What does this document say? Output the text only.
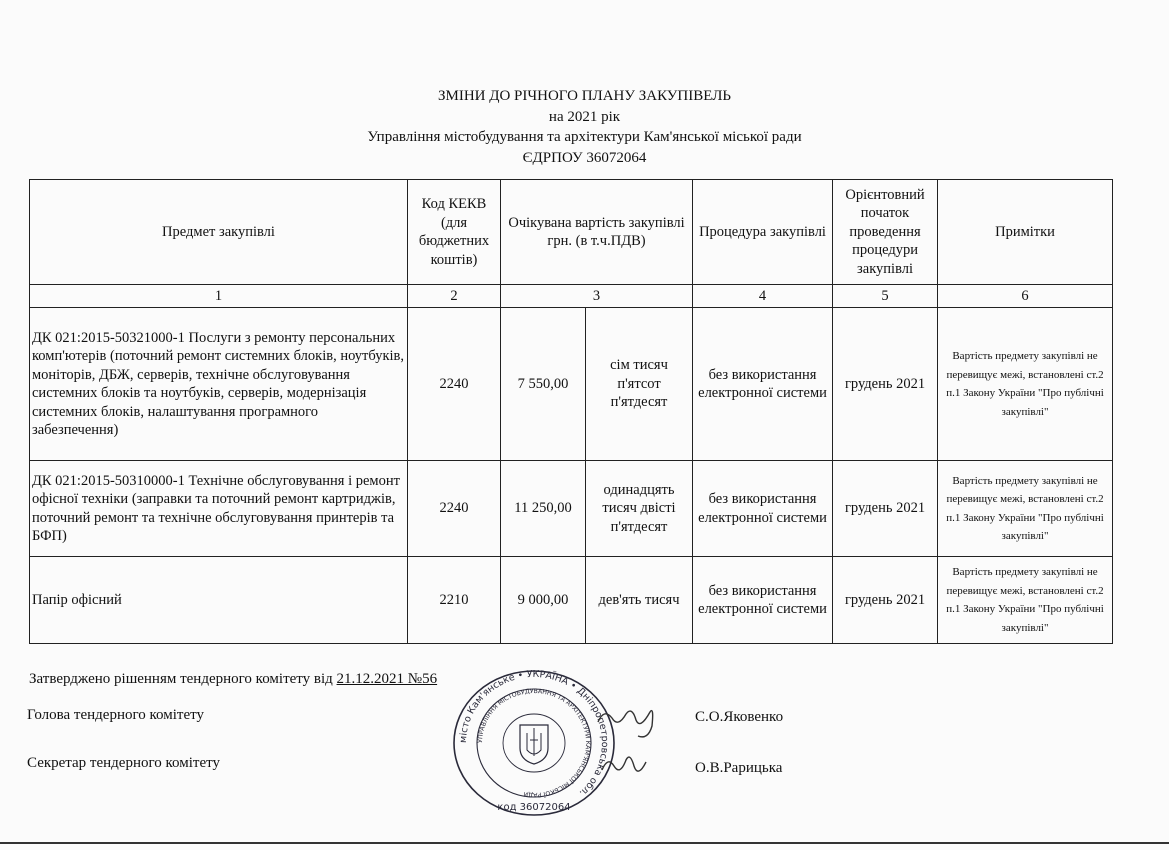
ЗМІНИ ДО РІЧНОГО ПЛАНУ ЗАКУПІВЕЛЬ
на 2021 рік
Управління містобудування та архітектури Кам'янської міської ради
ЄДРПОУ 36072064
Предмет закупівлі	Код КЕКВ (для бюджетних коштів)	Очікувана вартість закупівлі грн. (в т.ч.ПДВ)		Процедура закупівлі	Орієнтовний початок проведення процедури закупівлі	Примітки
1	2	3		4	5	6
ДК 021:2015-50321000-1 Послуги з ремонту персональних комп'ютерів (поточний ремонт системних блоків, ноутбуків, моніторів, ДБЖ, серверів, технічне обслуговування системних блоків та ноутбуків, серверів, модернізація системних блоків, налаштування програмного забезпечення)	2240	7 550,00	сім тисяч п'ятсот п'ятдесят	без використання електронної системи	грудень 2021	Вартість предмету закупівлі не перевищує межі, встановлені ст.2 п.1 Закону України "Про публічні закупівлі"
ДК 021:2015-50310000-1 Технічне обслуговування і ремонт офісної техніки (заправки та поточний ремонт картриджів, поточний ремонт та технічне обслуговування принтерів та БФП)	2240	11 250,00	одинадцять тисяч двісті п'ятдесят	без використання електронної системи	грудень 2021	Вартість предмету закупівлі не перевищує межі, встановлені ст.2 п.1 Закону України "Про публічні закупівлі"
Папір офісний	2210	9 000,00	дев'ять тисяч	без використання електронної системи	грудень 2021	Вартість предмету закупівлі не перевищує межі, встановлені ст.2 п.1 Закону України "Про публічні закупівлі"
Затверджено рішенням тендерного комітету від 21.12.2021 №56
Голова тендерного комітету	С.О.Яковенко
Секретар тендерного комітету	О.В.Рарицька
місто Кам'янське • УКРАЇНА • Дніпропетровська обл.
УПРАВЛІННЯ МІСТОБУДУВАННЯ ТА АРХІТЕКТУРИ КАМ'ЯНСЬКОЇ МІСЬКОЇ РАДИ
код 36072064
